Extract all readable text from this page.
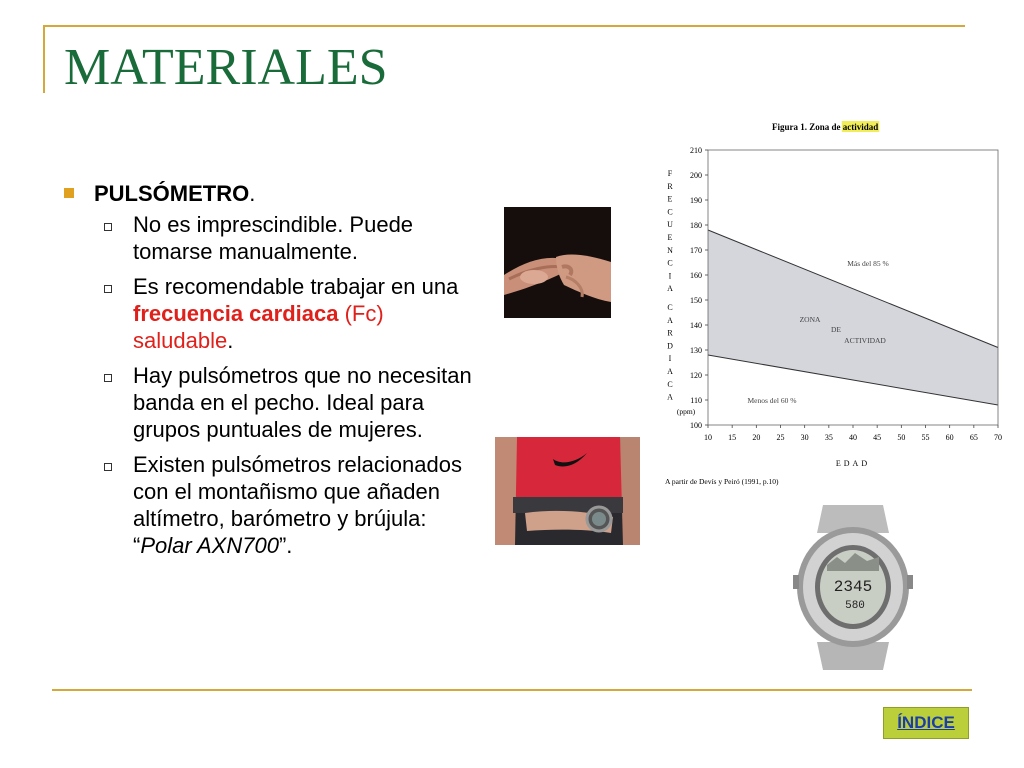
MATERIALES
PULSÓMETRO.
No es imprescindible. Puede tomarse manualmente.
Es recomendable trabajar en una frecuencia cardiaca (Fc) saludable.
Hay pulsómetros que no necesitan banda en el pecho. Ideal para grupos puntuales de mujeres.
Existen pulsómetros relacionados con el montañismo que añaden altímetro, barómetro y brújula: “Polar AXN700”.
Figura 1. Zona de actividad
100
110
120
130
140
150
160
170
180
190
200
210
10 15 20 25 30 35 40 45 50 55 60 65 70
F
R
E
C
U
E
N
C
I
A
C
A
R
D
I
A
C
A
(ppm)
EDAD
Más del 85 %
Menos del 60 %
ZONA
DE
ACTIVIDAD
A partir de Devís y Peiró (1991, p.10)
2345
580
ÍNDICE
